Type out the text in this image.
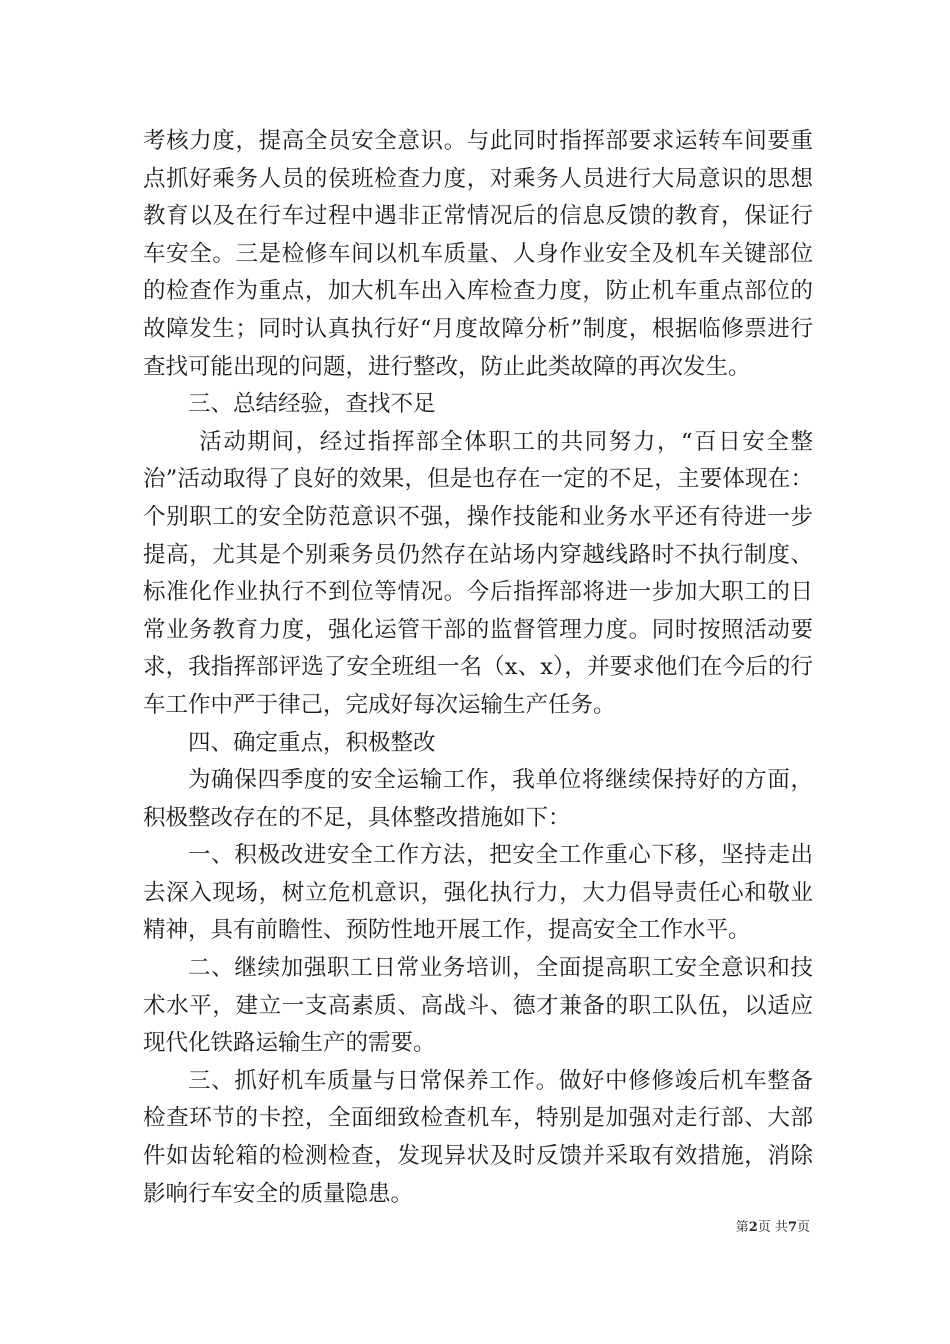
考核力度，提高全员安全意识。与此同时指挥部要求运转车间要重点抓好乘务人员的侯班检查力度，对乘务人员进行大局意识的思想教育以及在行车过程中遇非正常情况后的信息反馈的教育，保证行车安全。三是检修车间以机车质量、人身作业安全及机车关键部位的检查作为重点，加大机车出入库检查力度，防止机车重点部位的故障发生；同时认真执行好“月度故障分析”制度，根据临修票进行查找可能出现的问题，进行整改，防止此类故障的再次发生。

三、总结经验，查找不足

活动期间，经过指挥部全体职工的共同努力，“百日安全整治”活动取得了良好的效果，但是也存在一定的不足，主要体现在：个别职工的安全防范意识不强，操作技能和业务水平还有待进一步提高，尤其是个别乘务员仍然存在站场内穿越线路时不执行制度、标准化作业执行不到位等情况。今后指挥部将进一步加大职工的日常业务教育力度，强化运管干部的监督管理力度。同时按照活动要求，我指挥部评选了安全班组一名（x、x），并要求他们在今后的行车工作中严于律己，完成好每次运输生产任务。

四、确定重点，积极整改

为确保四季度的安全运输工作，我单位将继续保持好的方面，积极整改存在的不足，具体整改措施如下：

一、积极改进安全工作方法，把安全工作重心下移，坚持走出去深入现场，树立危机意识，强化执行力，大力倡导责任心和敬业精神，具有前瞻性、预防性地开展工作，提高安全工作水平。

二、继续加强职工日常业务培训，全面提高职工安全意识和技术水平，建立一支高素质、高战斗、德才兼备的职工队伍，以适应现代化铁路运输生产的需要。

三、抓好机车质量与日常保养工作。做好中修修竣后机车整备检查环节的卡控，全面细致检查机车，特别是加强对走行部、大部件如齿轮箱的检测检查，发现异状及时反馈并采取有效措施，消除影响行车安全的质量隐患。

第2页 共7页
